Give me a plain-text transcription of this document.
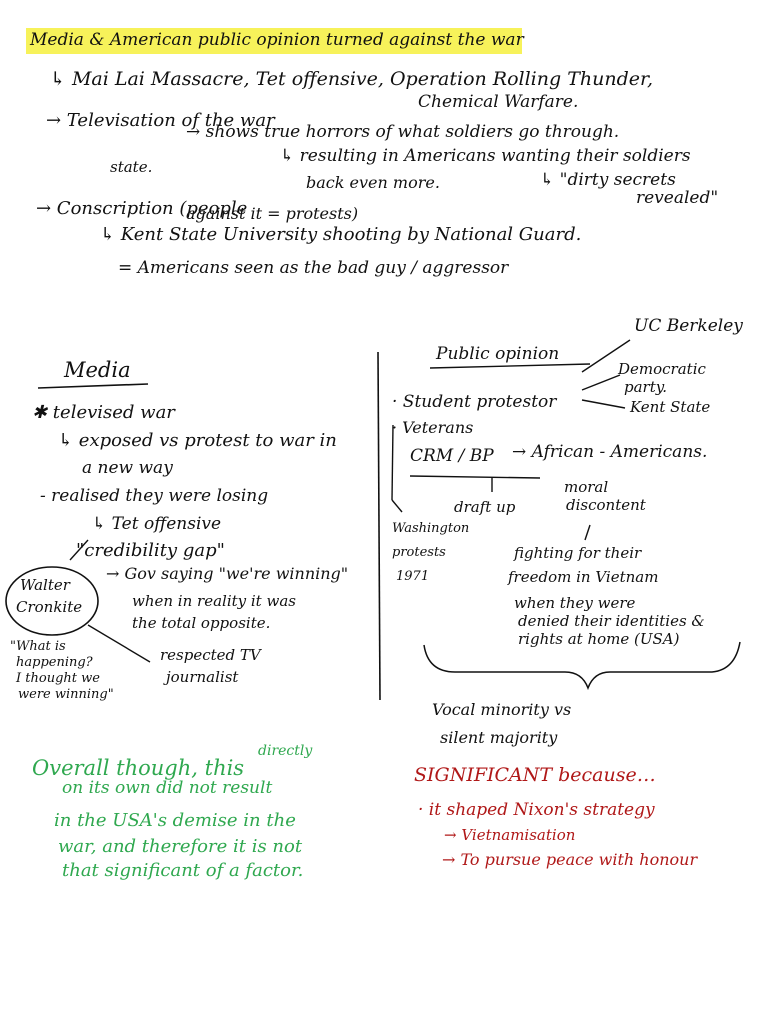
Media & American public opinion turned against the war
↳ Mai Lai Massacre, Tet offensive, Operation Rolling Thunder,
Chemical Warfare.
→ Televisation of the war
→ shows true horrors of what soldiers go through.
state.
↳ resulting in Americans wanting their soldiers
back even more.	↳ "dirty secrets
revealed"
→ Conscription (people
against it = protests)
↳ Kent State University shooting by National Guard.
= Americans seen as the bad guy / aggressor
Media
✱ televised war
↳ exposed vs protest to war in
a new way
- realised they were losing
↳ Tet offensive
"credibility gap"
Walter
Cronkite
→ Gov saying "we're winning"
when in reality it was
the total opposite.
"What is
happening?
I thought we
were winning"
respected TV
journalist
Public opinion
UC Berkeley
Democratic
party.
Kent State
· Student protestor
· Veterans
CRM / BP → African - Americans.
moral
discontent
draft up
Washington
protests
1971
fighting for their
freedom in Vietnam
when they were
denied their identities &
rights at home (USA)
Vocal minority vs
silent majority
directly
Overall though, this
on its own did not result
in the USA's demise in the
war, and therefore it is not
that significant of a factor.
SIGNIFICANT because…
· it shaped Nixon's strategy
→ Vietnamisation
→ To pursue peace with honour
